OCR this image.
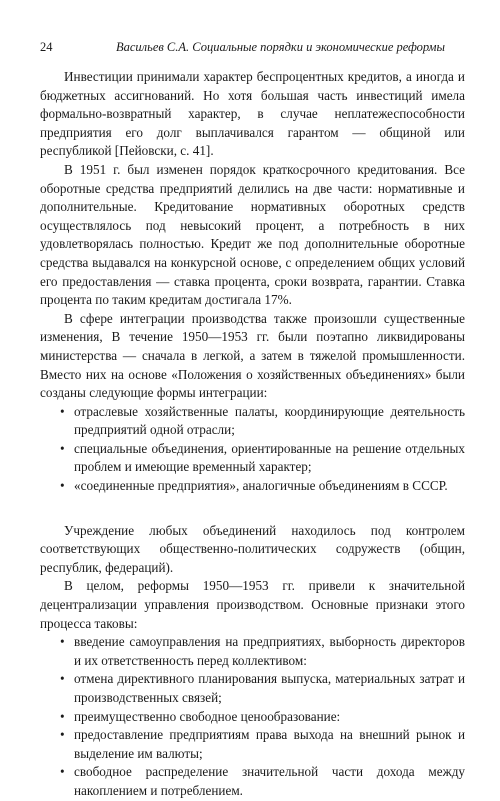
24	Васильев С.А. Социальные порядки и экономические реформы

Инвестиции принимали характер беспроцентных кредитов, а иногда и бюджетных ассигнований. Но хотя большая часть инвестиций имела формально-возвратный характер, в случае неплатежеспособности предприятия его долг выплачивался гарантом — общиной или республикой [Пейовски, с. 41].

В 1951 г. был изменен порядок краткосрочного кредитования. Все оборотные средства предприятий делились на две части: нормативные и дополнительные. Кредитование нормативных оборотных средств осуществлялось под невысокий процент, а потребность в них удовлетворялась полностью. Кредит же под дополнительные оборотные средства выдавался на конкурсной основе, с определением общих условий его предоставления — ставка процента, сроки возврата, гарантии. Ставка процента по таким кредитам достигала 17%.

В сфере интеграции производства также произошли существенные изменения, В течение 1950—1953 гг. были поэтапно ликвидированы министерства — сначала в легкой, а затем в тяжелой промышленности. Вместо них на основе «Положения о хозяйственных объединениях» были созданы следующие формы интеграции:

• отраслевые хозяйственные палаты, координирующие деятельность предприятий одной отрасли;
• специальные объединения, ориентированные на решение отдельных проблем и имеющие временный характер;
• «соединенные предприятия», аналогичные объединениям в СССР.

Учреждение любых объединений находилось под контролем соответствующих общественно-политических содружеств (общин, республик, федераций).

В целом, реформы 1950—1953 гг. привели к значительной децентрализации управления производством. Основные признаки этого процесса таковы:

• введение самоуправления на предприятиях, выборность директоров и их ответственность перед коллективом:
• отмена директивного планирования выпуска, материальных затрат и производственных связей;
• преимущественно свободное ценообразование:
• предоставление предприятиям права выхода на внешний рынок и выделение им валюты;
• свободное распределение значительной части дохода между накоплением и потреблением.
